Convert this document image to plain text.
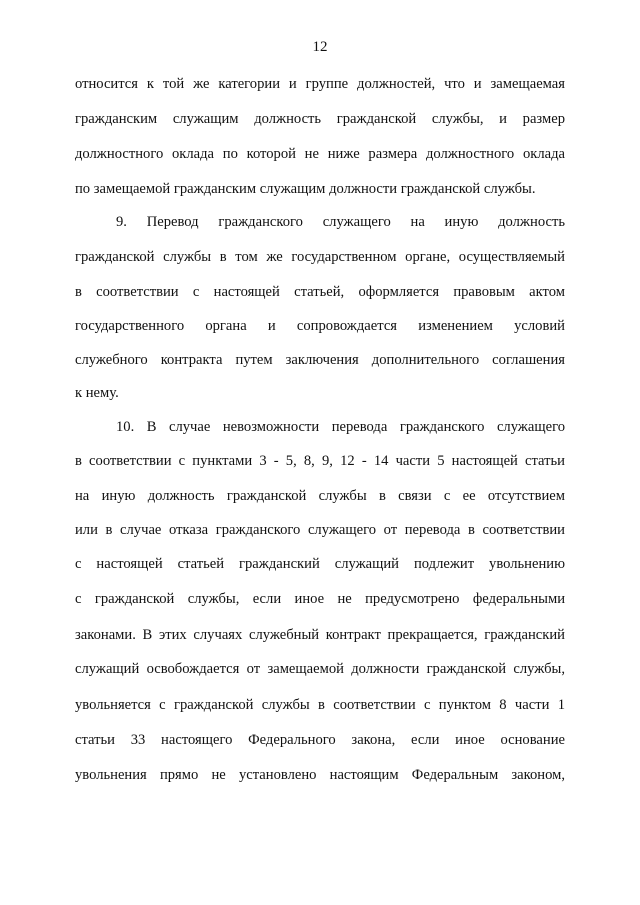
12
относится к той же категории и группе должностей, что и замещаемая
гражданским служащим должность гражданской службы, и размер
должностного оклада по которой не ниже размера должностного оклада
по замещаемой гражданским служащим должности гражданской службы.
9. Перевод гражданского служащего на иную должность
гражданской службы в том же государственном органе, осуществляемый
в соответствии с настоящей статьей, оформляется правовым актом
государственного органа и сопровождается изменением условий
служебного контракта путем заключения дополнительного соглашения
к нему.
10. В случае невозможности перевода гражданского служащего
в соответствии с пунктами 3 - 5, 8, 9, 12 - 14 части 5 настоящей статьи
на иную должность гражданской службы в связи с ее отсутствием
или в случае отказа гражданского служащего от перевода в соответствии
с настоящей статьей гражданский служащий подлежит увольнению
с гражданской службы, если иное не предусмотрено федеральными
законами. В этих случаях служебный контракт прекращается, гражданский
служащий освобождается от замещаемой должности гражданской службы,
увольняется с гражданской службы в соответствии с пунктом 8 части 1
статьи 33 настоящего Федерального закона, если иное основание
увольнения прямо не установлено настоящим Федеральным законом,
